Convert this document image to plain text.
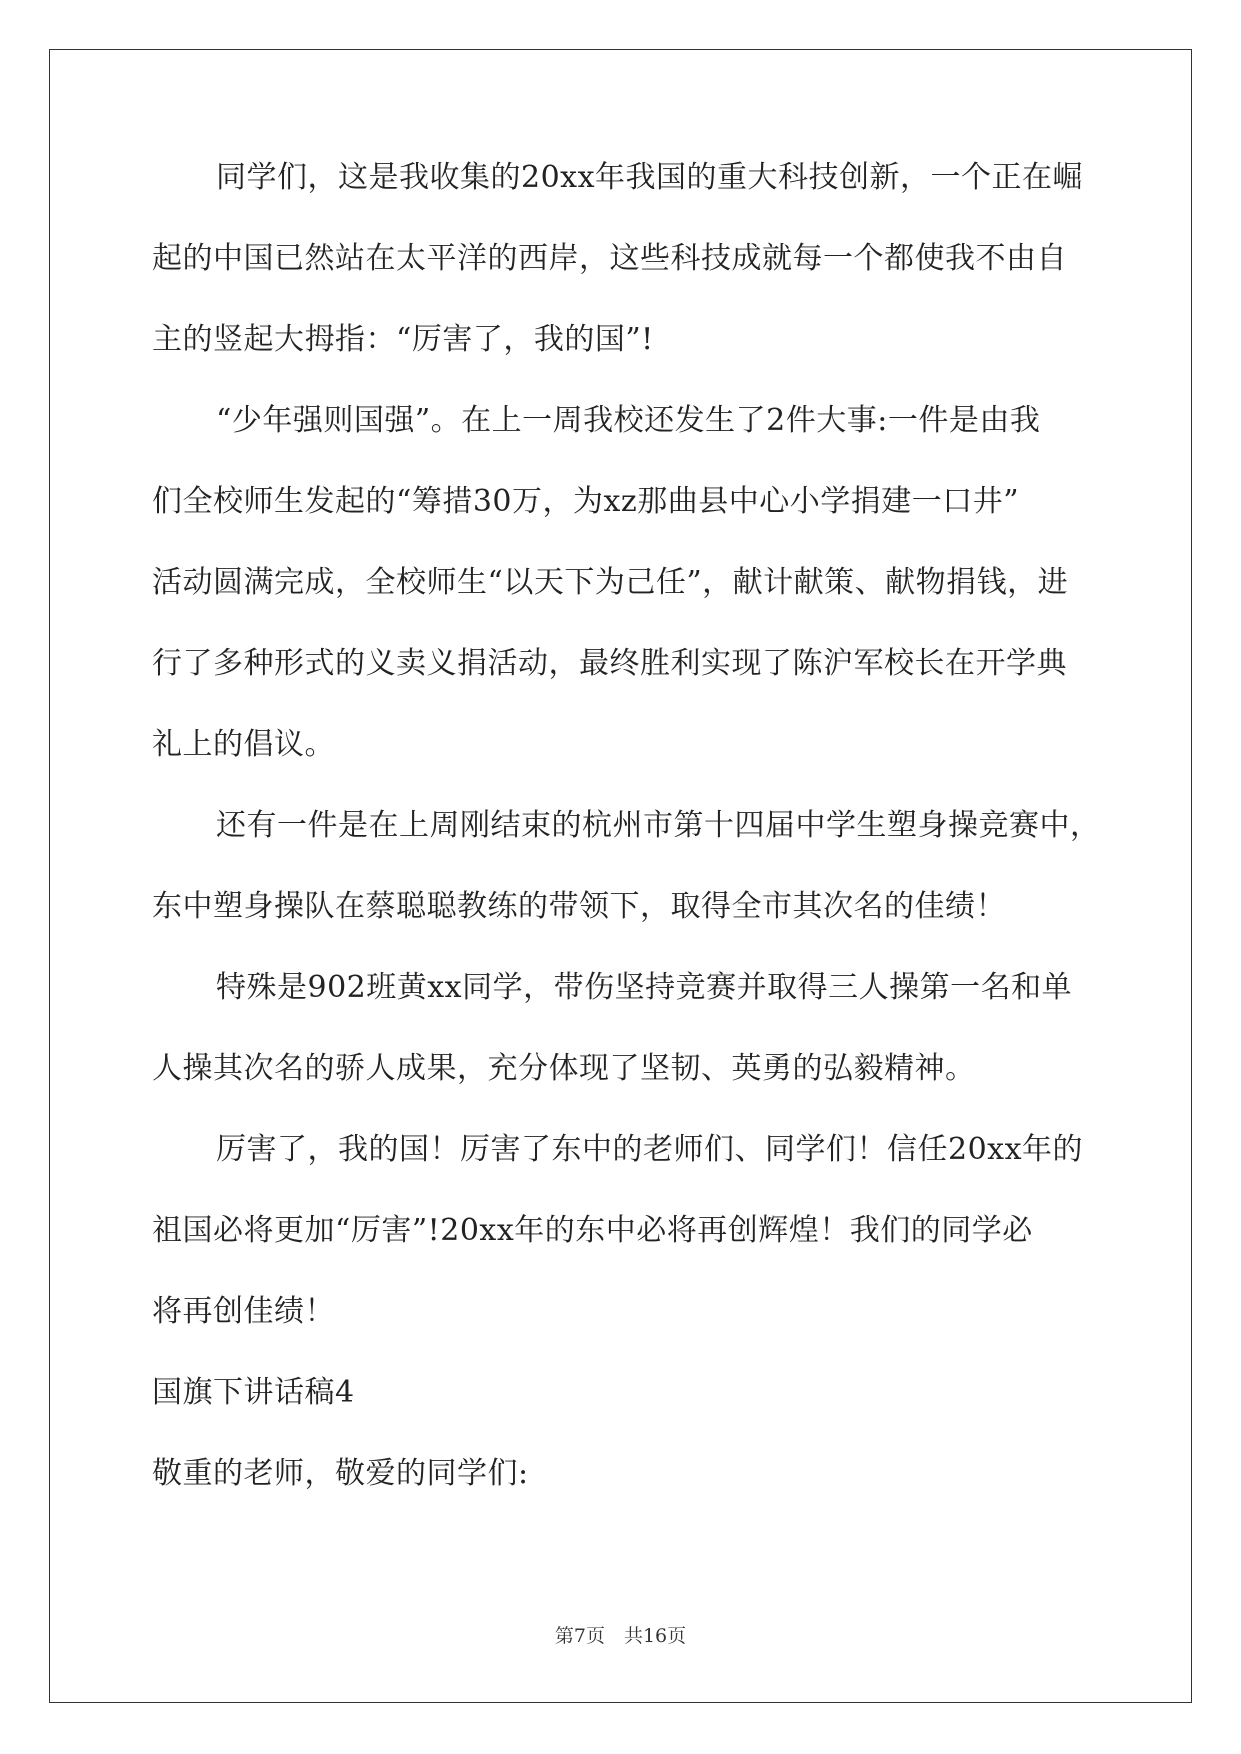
同学们，这是我收集的20xx年我国的重大科技创新，一个正在崛
起的中国已然站在太平洋的西岸，这些科技成就每一个都使我不由自
主的竖起大拇指：“厉害了，我的国”!
“少年强则国强”。在上一周我校还发生了2件大事:一件是由我
们全校师生发起的“筹措30万，为xz那曲县中心小学捐建一口井”
活动圆满完成，全校师生“以天下为己任”，献计献策、献物捐钱，进
行了多种形式的义卖义捐活动，最终胜利实现了陈沪军校长在开学典
礼上的倡议。
还有一件是在上周刚结束的杭州市第十四届中学生塑身操竞赛中，
东中塑身操队在蔡聪聪教练的带领下，取得全市其次名的佳绩！
特殊是902班黄xx同学，带伤坚持竞赛并取得三人操第一名和单
人操其次名的骄人成果，充分体现了坚韧、英勇的弘毅精神。
厉害了，我的国！厉害了东中的老师们、同学们！信任20xx年的
祖国必将更加“厉害”!20xx年的东中必将再创辉煌！我们的同学必
将再创佳绩！
国旗下讲话稿4
敬重的老师，敬爱的同学们:
第7页　共16页
